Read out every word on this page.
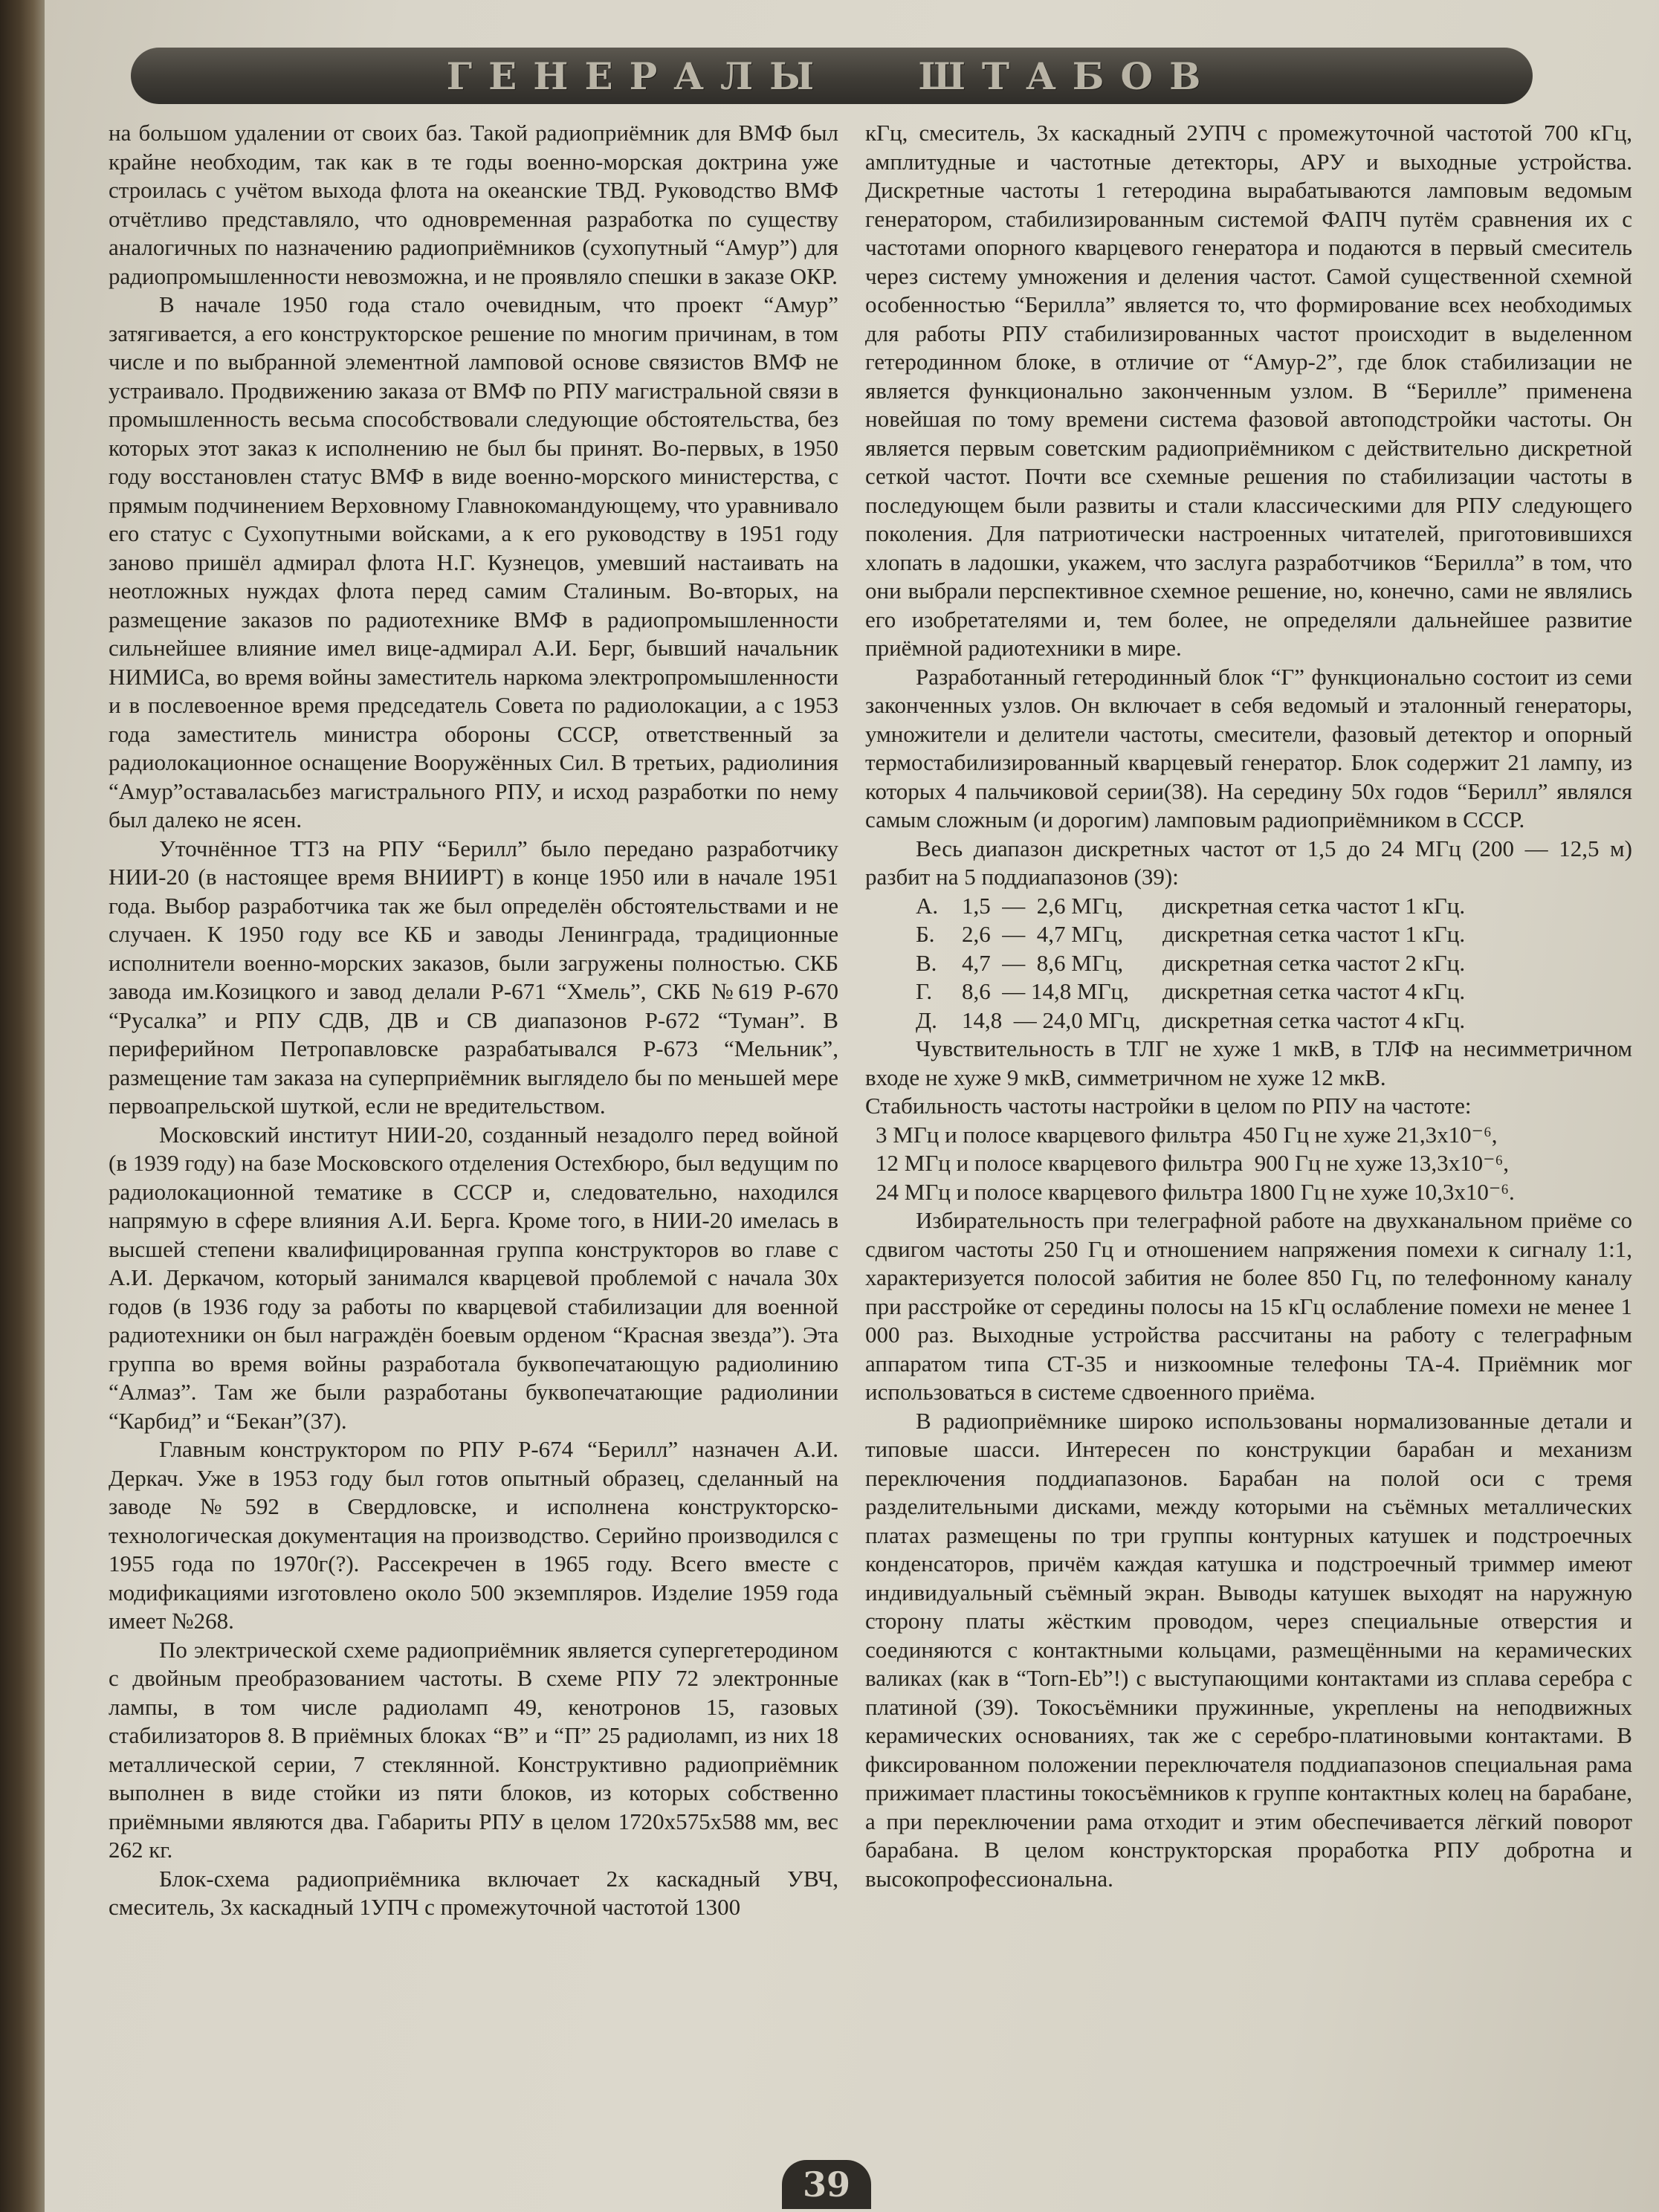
ГЕНЕРАЛЫ   ШТАБОВ

на большом удалении от своих баз. Такой радиоприёмник для ВМФ был крайне необходим, так как в те годы военно-морская доктрина уже строилась с учётом выхода флота на океанские ТВД. Руководство ВМФ отчётливо представляло, что одновременная разработка по существу аналогичных по назначению радиоприёмников (сухопутный “Амур”) для радиопромышленности невозможна, и не проявляло спешки в заказе ОКР.

В начале 1950 года стало очевидным, что проект “Амур” затягивается, а его конструкторское решение по многим причинам, в том числе и по выбранной элементной ламповой основе связистов ВМФ не устраивало. Продвижению заказа от ВМФ по РПУ магистральной связи в промышленность весьма способствовали следующие обстоятельства, без которых этот заказ к исполнению не был бы принят. Во-первых, в 1950 году восстановлен статус ВМФ в виде военно-морского министерства, с прямым подчинением Верховному Главнокомандующему, что уравнивало его статус с Сухопутными войсками, а к его руководству в 1951 году заново пришёл адмирал флота Н.Г. Кузнецов, умевший настаивать на неотложных нуждах флота перед самим Сталиным. Во-вторых, на размещение заказов по радиотехнике ВМФ в радиопромышленности сильнейшее влияние имел вице-адмирал А.И. Берг, бывший начальник НИМИСа, во время войны заместитель наркома электропромышленности и в послевоенное время председатель Совета по радиолокации, а с 1953 года заместитель министра обороны СССР, ответственный за радиолокационное оснащение Вооружённых Сил. В третьих, радиолиния “Амур”оставаласьбез магистрального РПУ, и исход разработки по нему был далеко не ясен.

Уточнённое ТТЗ на РПУ “Берилл” было передано разработчику НИИ-20 (в настоящее время ВНИИРТ) в конце 1950 или в начале 1951 года. Выбор разработчика так же был определён обстоятельствами и не случаен. К 1950 году все КБ и заводы Ленинграда, традиционные исполнители военно-морских заказов, были загружены полностью. СКБ завода им.Козицкого и завод делали Р-671 “Хмель”, СКБ №619 Р-670 “Русалка” и РПУ СДВ, ДВ и СВ диапазонов Р-672 “Туман”. В периферийном Петропавловске разрабатывался Р-673 “Мельник”, размещение там заказа на суперприёмник выглядело бы по меньшей мере первоапрельской шуткой, если не вредительством.

Московский институт НИИ-20, созданный незадолго перед войной (в 1939 году) на базе Московского отделения Остехбюро, был ведущим по радиолокационной тематике в СССР и, следовательно, находился напрямую в сфере влияния А.И. Берга. Кроме того, в НИИ-20 имелась в высшей степени квалифицированная группа конструкторов во главе с А.И. Деркачом, который занимался кварцевой проблемой с начала 30х годов (в 1936 году за работы по кварцевой стабилизации для военной радиотехники он был награждён боевым орденом “Красная звезда”). Эта группа во время войны разработала буквопечатающую радиолинию “Алмаз”. Там же были разработаны буквопечатающие радиолинии “Карбид” и “Бекан”(37).

Главным конструктором по РПУ Р-674 “Берилл” назначен А.И. Деркач. Уже в 1953 году был готов опытный образец, сделанный на заводе №592 в Свердловске, и исполнена конструкторско-технологическая документация на производство. Серийно производился с 1955 года по 1970г(?). Рассекречен в 1965 году. Всего вместе с модификациями изготовлено около 500 экземпляров. Изделие 1959 года имеет №268.

По электрической схеме радиоприёмник является супергетеродином с двойным преобразованием частоты. В схеме РПУ 72 электронные лампы, в том числе радиоламп 49, кенотронов 15, газовых стабилизаторов 8. В приёмных блоках “В” и “П” 25 радиоламп, из них 18 металлической серии, 7 стеклянной. Конструктивно радиоприёмник выполнен в виде стойки из пяти блоков, из которых собственно приёмными являются два. Габариты РПУ в целом 1720х575х588 мм, вес 262 кг.

Блок-схема радиоприёмника включает 2х каскадный УВЧ, смеситель, 3х каскадный 1УПЧ с промежуточной частотой 1300

кГц, смеситель, 3х каскадный 2УПЧ с промежуточной частотой 700 кГц, амплитудные и частотные детекторы, АРУ и выходные устройства. Дискретные частоты 1 гетеродина вырабатываются ламповым ведомым генератором, стабилизированным системой ФАПЧ путём сравнения их с частотами опорного кварцевого генератора и подаются в первый смеситель через систему умножения и деления частот. Самой существенной схемной особенностью “Берилла” является то, что формирование всех необходимых для работы РПУ стабилизированных частот происходит в выделенном гетеродинном блоке, в отличие от “Амур-2”, где блок стабилизации не является функционально законченным узлом. В “Берилле” применена новейшая по тому времени система фазовой автоподстройки частоты. Он является первым советским радиоприёмником с действительно дискретной сеткой частот. Почти все схемные решения по стабилизации частоты в последующем были развиты и стали классическими для РПУ следующего поколения. Для патриотически настроенных читателей, приготовившихся хлопать в ладошки, укажем, что заслуга разработчиков “Берилла” в том, что они выбрали перспективное схемное решение, но, конечно, сами не являлись его изобретателями и, тем более, не определяли дальнейшее развитие приёмной радиотехники в мире.

Разработанный гетеродинный блок “Г” функционально состоит из семи законченных узлов. Он включает в себя ведомый и эталонный генераторы, умножители и делители частоты, смесители, фазовый детектор и опорный термостабилизированный кварцевый генератор. Блок содержит 21 лампу, из которых 4 пальчиковой серии(38). На середину 50х годов “Берилл” являлся самым сложным (и дорогим) ламповым радиоприёмником в СССР.

Весь диапазон дискретных частот от 1,5 до 24 МГц (200 — 12,5 м) разбит на 5 поддиапазонов (39):

А.	1,5  —  2,6 МГц,	дискретная сетка частот 1 кГц.
Б.	2,6  —  4,7 МГц,	дискретная сетка частот 1 кГц.
В.	4,7  —  8,6 МГц,	дискретная сетка частот 2 кГц.
Г.	8,6  — 14,8 МГц,	дискретная сетка частот 4 кГц.
Д.	14,8  — 24,0 МГц, дискретная сетка частот 4 кГц.

Чувствительность в ТЛГ не хуже 1 мкВ, в ТЛФ на несимметричном входе не хуже 9 мкВ, симметричном не хуже 12 мкВ.

Стабильность частоты настройки в целом по РПУ на частоте:

3 МГц и полосе кварцевого фильтра  450 Гц не хуже 21,3х10⁻⁶,
12 МГц и полосе кварцевого фильтра  900 Гц не хуже 13,3х10⁻⁶,
24 МГц и полосе кварцевого фильтра 1800 Гц не хуже 10,3х10⁻⁶.

Избирательность при телеграфной работе на двухканальном приёме со сдвигом частоты 250 Гц и отношением напряжения помехи к сигналу 1:1, характеризуется полосой забития не более 850 Гц, по телефонному каналу при расстройке от середины полосы на 15 кГц ослабление помехи не менее 1 000 раз. Выходные устройства рассчитаны на работу с телеграфным аппаратом типа СТ-35 и низкоомные телефоны ТА-4. Приёмник мог использоваться в системе сдвоенного приёма.

В радиоприёмнике широко использованы нормализованные детали и типовые шасси. Интересен по конструкции барабан и механизм переключения поддиапазонов. Барабан на полой оси с тремя разделительными дисками, между которыми на съёмных металлических платах размещены по три группы контурных катушек и подстроечных конденсаторов, причём каждая катушка и подстроечный триммер имеют индивидуальный съёмный экран. Выводы катушек выходят на наружную сторону платы жёстким проводом, через специальные отверстия и соединяются с контактными кольцами, размещёнными на керамических валиках (как в “Torn-Eb”!) с выступающими контактами из сплава серебра с платиной (39). Токосъёмники пружинные, укреплены на неподвижных керамических основаниях, так же с серебро-платиновыми контактами. В фиксированном положении переключателя поддиапазонов специальная рама прижимает пластины токосъёмников к группе контактных колец на барабане, а при переключении рама отходит и этим обеспечивается лёгкий поворот барабана. В целом конструкторская проработка РПУ добротна и высокопрофессиональна.

39
